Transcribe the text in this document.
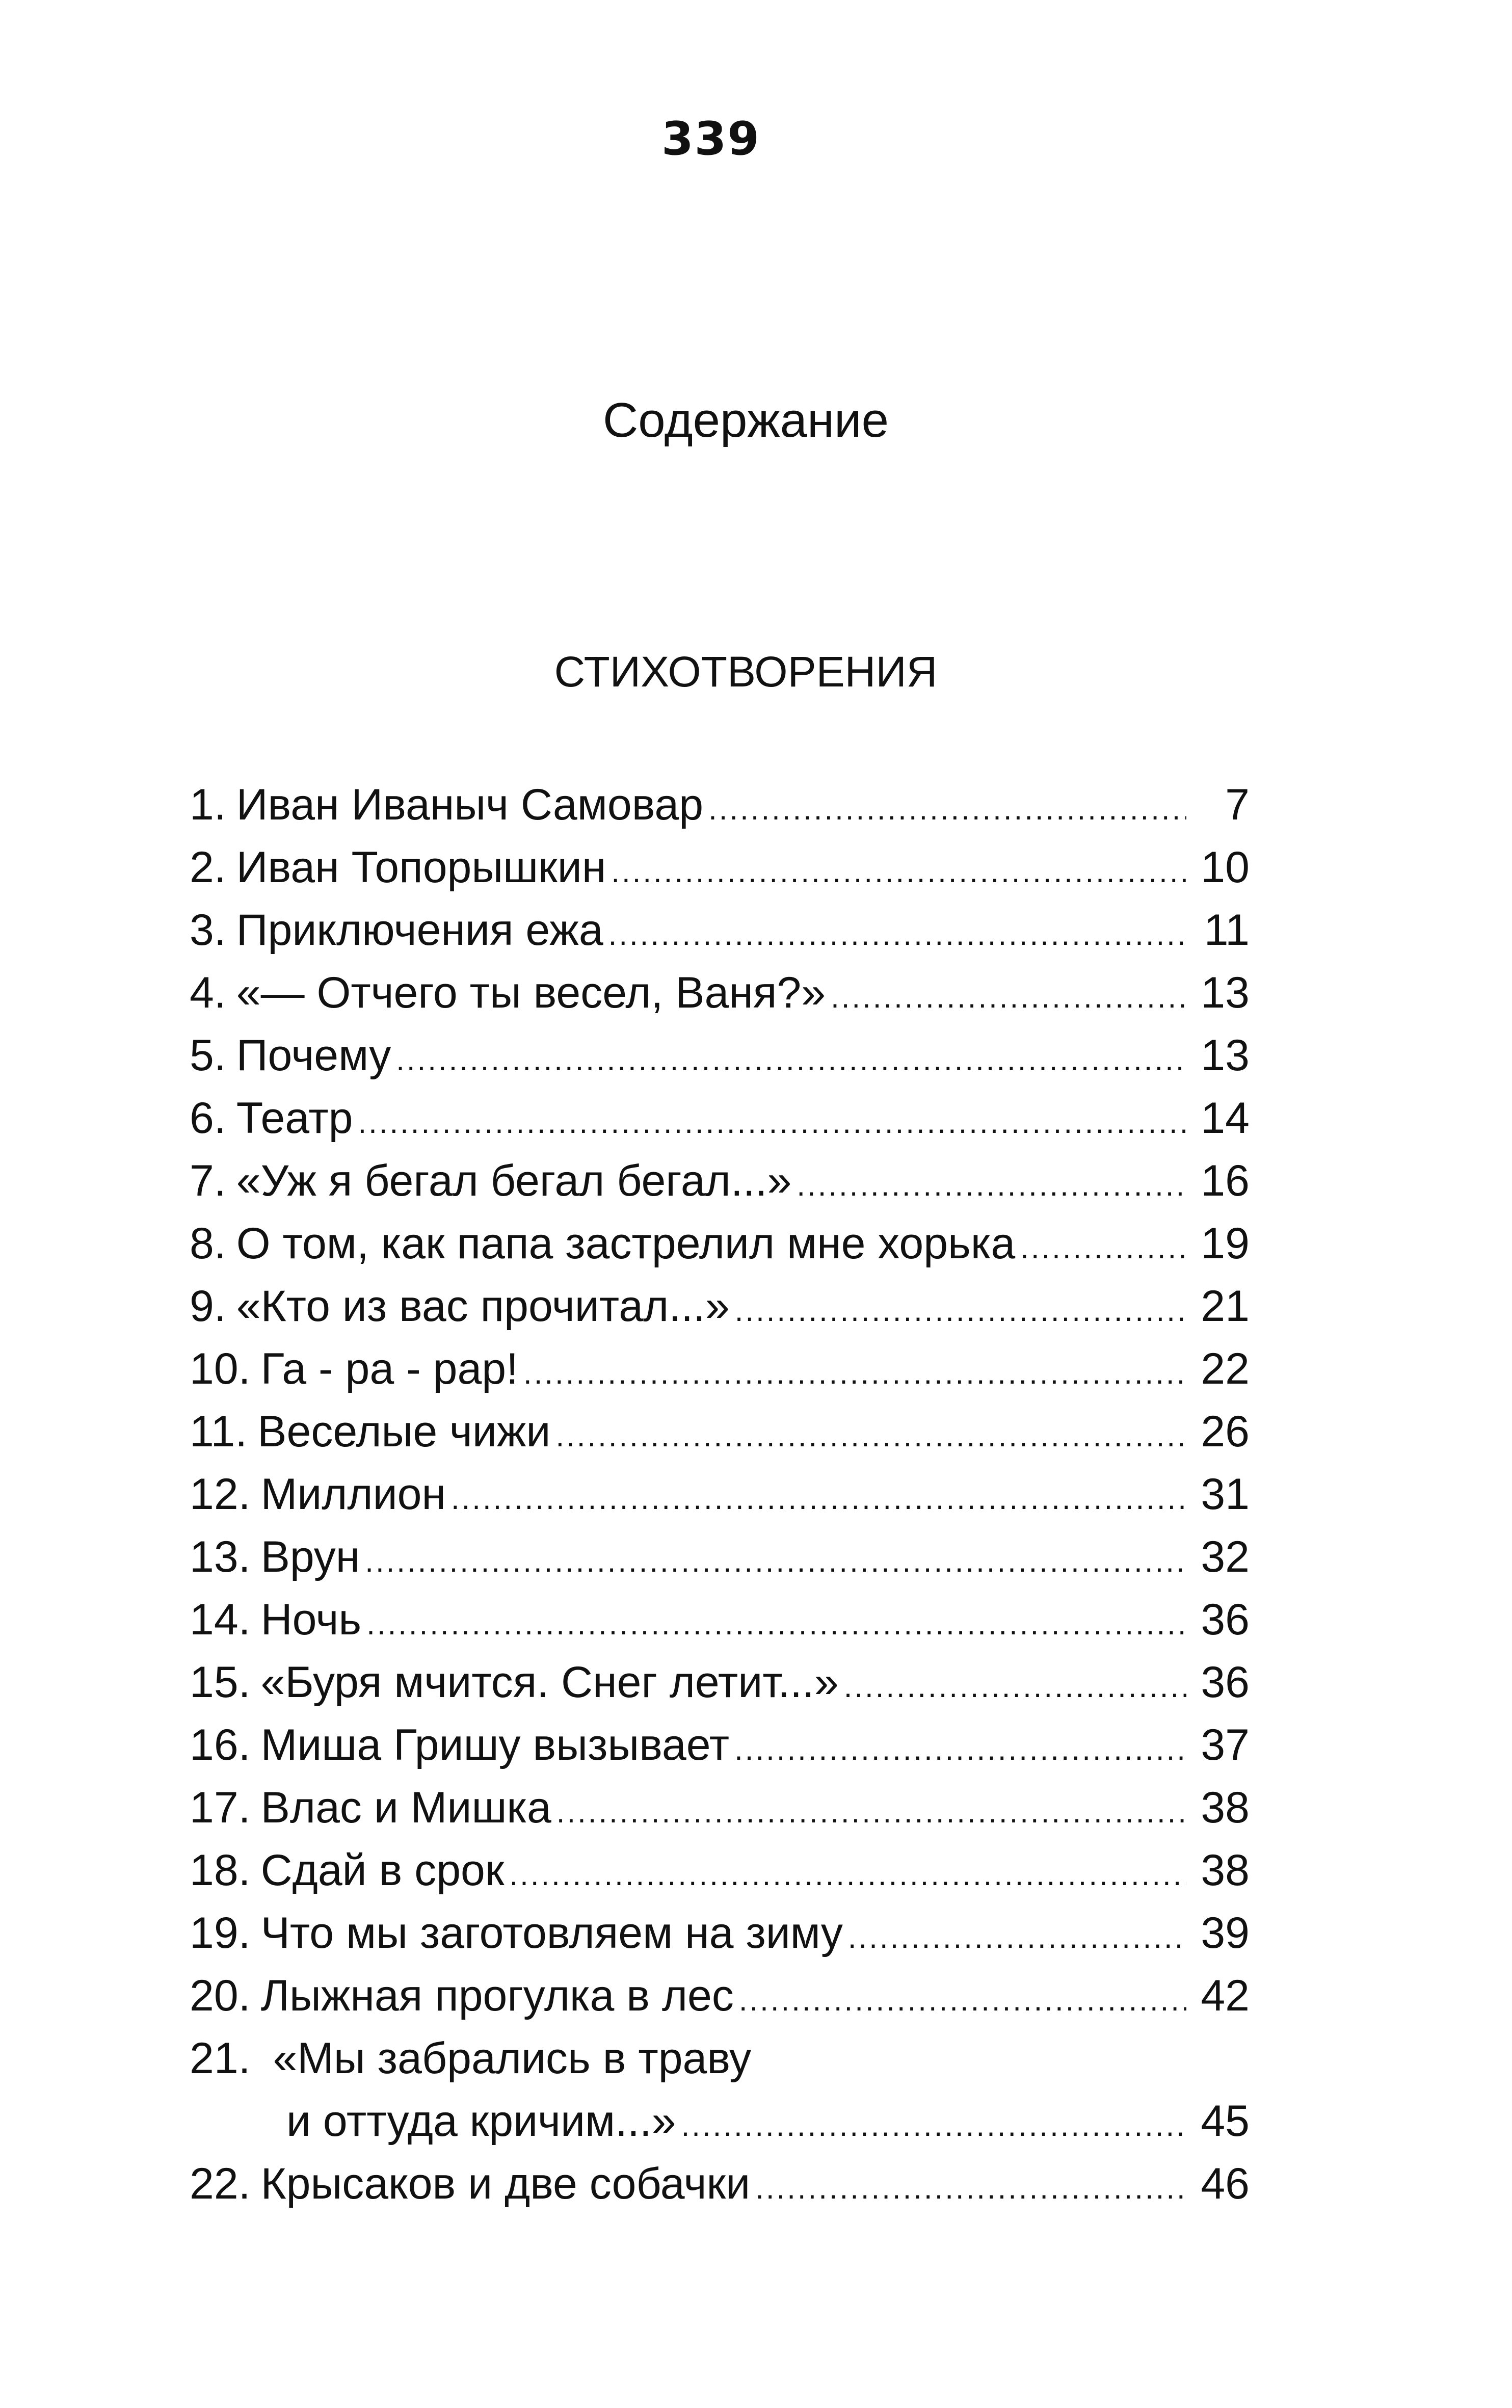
339
Содержание
СТИХОТВОРЕНИЯ
1. Иван Иваныч Самовар .....	7
2. Иван Топорышкин .....	10
3. Приключения ежа .....	11
4. «— Отчего ты весел, Ваня?» .....	13
5. Почему .....	13
6. Театр .....	14
7. «Уж я бегал бегал бегал...» .....	16
8. О том, как папа застрелил мне хорька .....	19
9. «Кто из вас прочитал...» .....	21
10. Га - ра - рар! .....	22
11. Веселые чижи .....	26
12. Миллион .....	31
13. Врун .....	32
14. Ночь .....	36
15. «Буря мчится. Снег летит...» .....	36
16. Миша Гришу вызывает .....	37
17. Влас и Мишка .....	38
18. Сдай в срок .....	38
19. Что мы заготовляем на зиму .....	39
20. Лыжная прогулка в лес .....	42
21. «Мы забрались в траву
и оттуда кричим...» .....	45
22. Крысаков и две собачки .....	46
